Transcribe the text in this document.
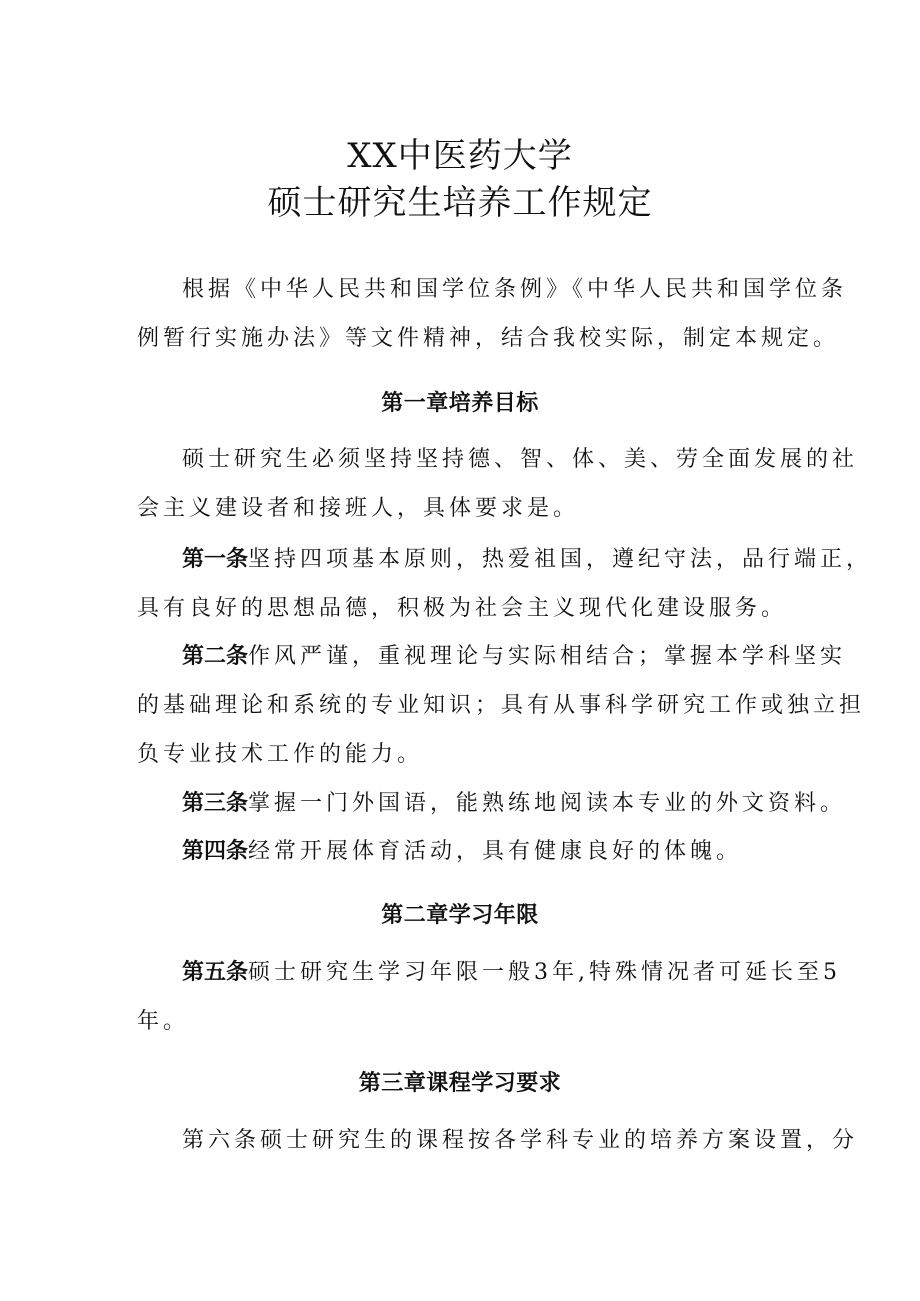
XX中医药大学
硕士研究生培养工作规定
根据《中华人民共和国学位条例》《中华人民共和国学位条
例暂行实施办法》等文件精神，结合我校实际，制定本规定。
第一章培养目标
硕士研究生必须坚持坚持德、智、体、美、劳全面发展的社
会主义建设者和接班人，具体要求是。
第一条坚持四项基本原则，热爱祖国，遵纪守法，品行端正，
具有良好的思想品德，积极为社会主义现代化建设服务。
第二条作风严谨，重视理论与实际相结合；掌握本学科坚实
的基础理论和系统的专业知识；具有从事科学研究工作或独立担
负专业技术工作的能力。
第三条掌握一门外国语，能熟练地阅读本专业的外文资料。
第四条经常开展体育活动，具有健康良好的体魄。
第二章学习年限
第五条硕士研究生学习年限一般3年,特殊情况者可延长至5
年。
第三章课程学习要求
第六条硕士研究生的课程按各学科专业的培养方案设置，分
